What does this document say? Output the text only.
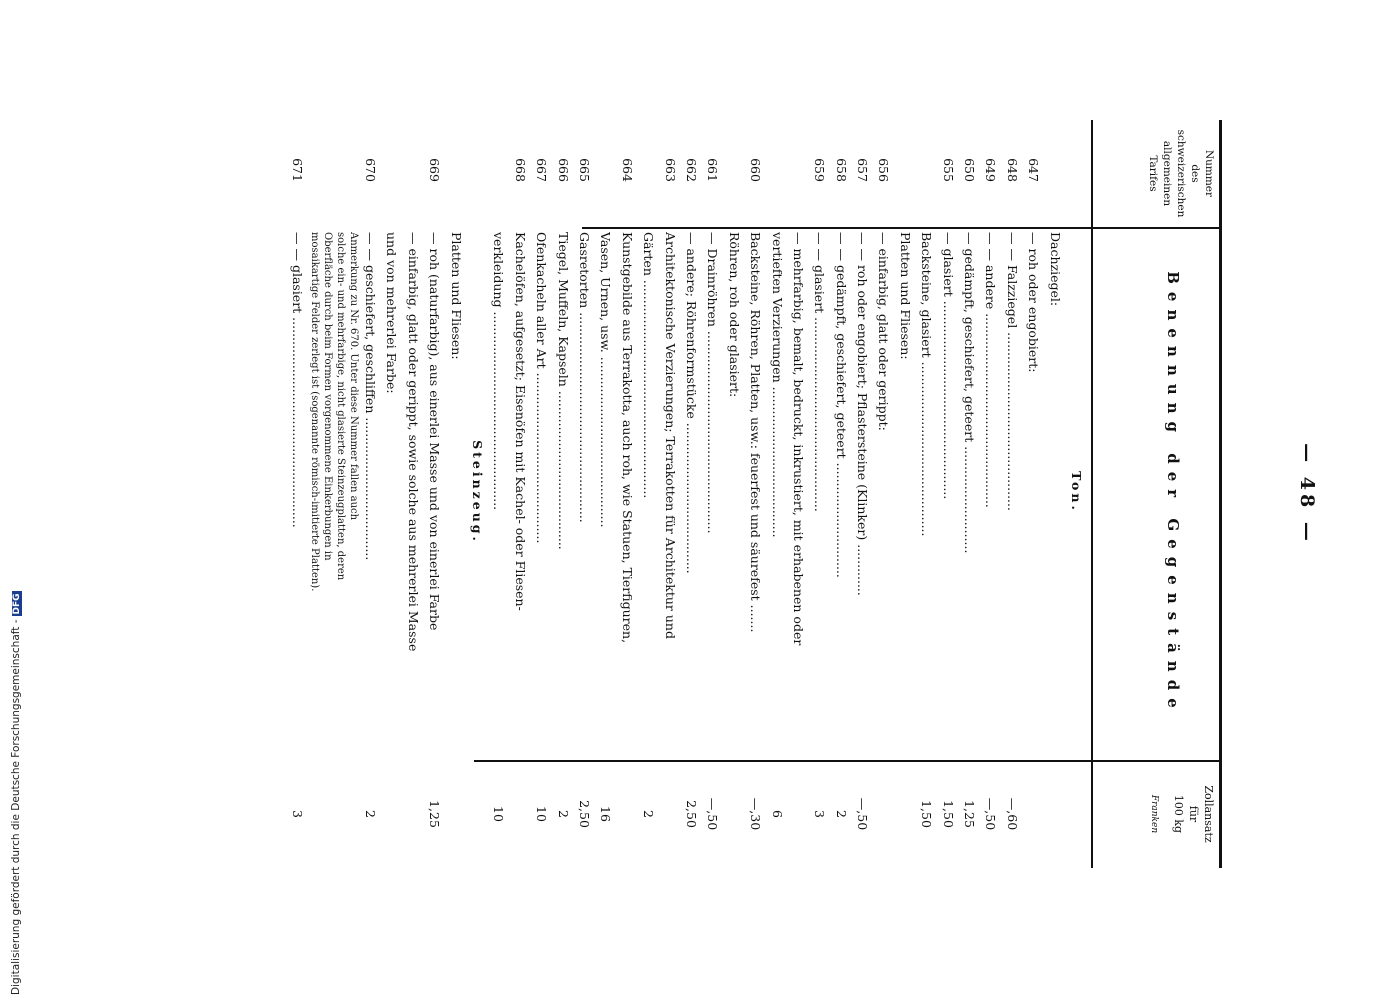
Digitalisierung gefördert durch die Deutsche Forschungsgemeinschaft -DFG
— 48 —
Nummer
des
schweizerischen
allgemeinen
Tarifes
Benennung der Gegenstände
Zollansatz
für
100 kg
Franken
Ton.
Dachziegel:
647
— roh oder engobiert:
648
— — Falzziegel .............................................
—,60
649
— — andere .................................................
—,50
650
— gedämpft, geschiefert, geteert ...........................
1,25
655
— glasiert ..................................................
1,50
Backsteine, glasiert ............................................
1,50
Platten und Fliesen:
656
— einfarbig, glatt oder gerippt:
657
— — roh oder engobiert; Pflastersteine (Klinker) .............
—,50
658
— — gedämpft, geschiefert, geteert .............................
2
659
— — glasiert .................................................
3
— mehrfarbig, bemalt, bedruckt, inkrustiert, mit erhabenen oder
vertieften Verzierungen ......................................
6
660
Backsteine, Röhren, Platten, usw.: feuerfest und säurefest .......
—,30
Röhren, roh oder glasiert:
661
— Drainröhren ...................................................
—,50
662
— andere; Röhrenformstücke ......................................
2,50
663
Architektonische Verzierungen; Terrakotten für Architektur und
Gärten .......................................................
2
664
Kunstgebilde aus Terrakotta, auch roh, wie Statuen, Tierfiguren,
Vasen, Urnen, usw. ...........................................
16
665
Gasretorten .....................................................
2,50
666
Tiegel, Muffeln, Kapseln ........................................
2
667
Ofenkacheln aller Art ...........................................
10
668
Kachelöfen, aufgesetzt; Eisenöfen mit Kachel- oder Fliesen-
verkleidung ..................................................
10
Steinzeug.
Platten und Fliesen:
669
— roh (naturfarbig), aus einerlei Masse und von einerlei Farbe
1,25
— einfarbig, glatt oder gerippt, sowie solche aus mehrerlei Masse
und von mehrerlei Farbe:
670
— — geschiefert, geschliffen ....................................
2
Anmerkung zu Nr. 670. Unter diese Nummer fallen auch
solche ein- und mehrfarbige, nicht glasierte Steinzeugplatten, deren
Oberfläche durch beim Formen vorgenommene Einkerbungen in
mosaikartige Felder zerlegt ist (sogenannte römisch-imitierte Platten).
671
— — glasiert .....................................................
3
